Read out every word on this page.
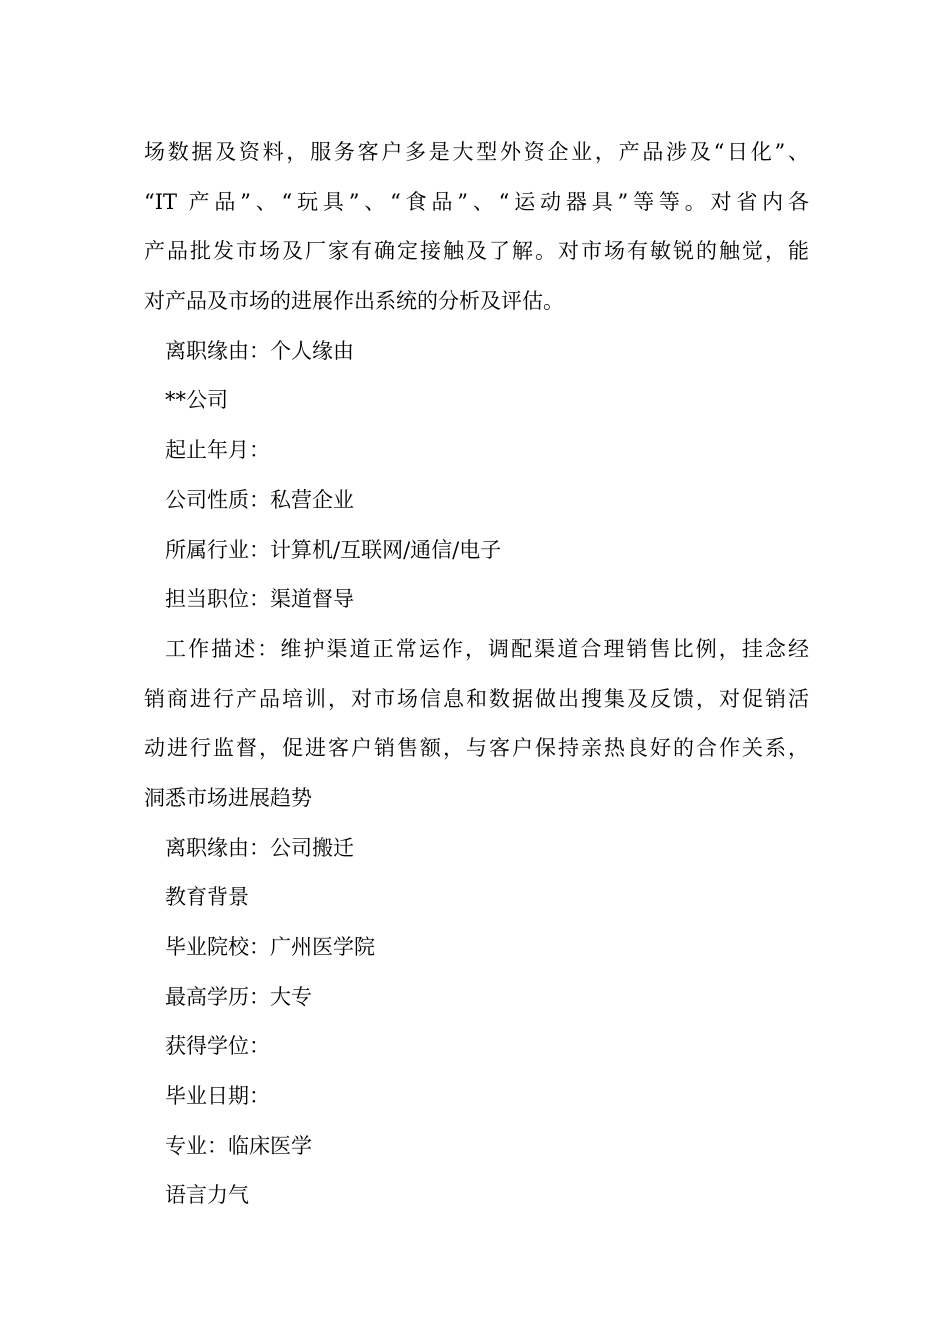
场数据及资料，服务客户多是大型外资企业，产品涉及“日化”、
“IT 产品”、“玩具”、“食品”、“运动器具”等等。对省内各
产品批发市场及厂家有确定接触及了解。对市场有敏锐的触觉，能
对产品及市场的进展作出系统的分析及评估。
离职缘由：个人缘由
**公司
起止年月：
公司性质：私营企业
所属行业：计算机/互联网/通信/电子
担当职位：渠道督导
工作描述：维护渠道正常运作，调配渠道合理销售比例，挂念经
销商进行产品培训，对市场信息和数据做出搜集及反馈，对促销活
动进行监督，促进客户销售额，与客户保持亲热良好的合作关系，
洞悉市场进展趋势
离职缘由：公司搬迁
教育背景
毕业院校：广州医学院
最高学历：大专
获得学位：
毕业日期：
专业：临床医学
语言力气
